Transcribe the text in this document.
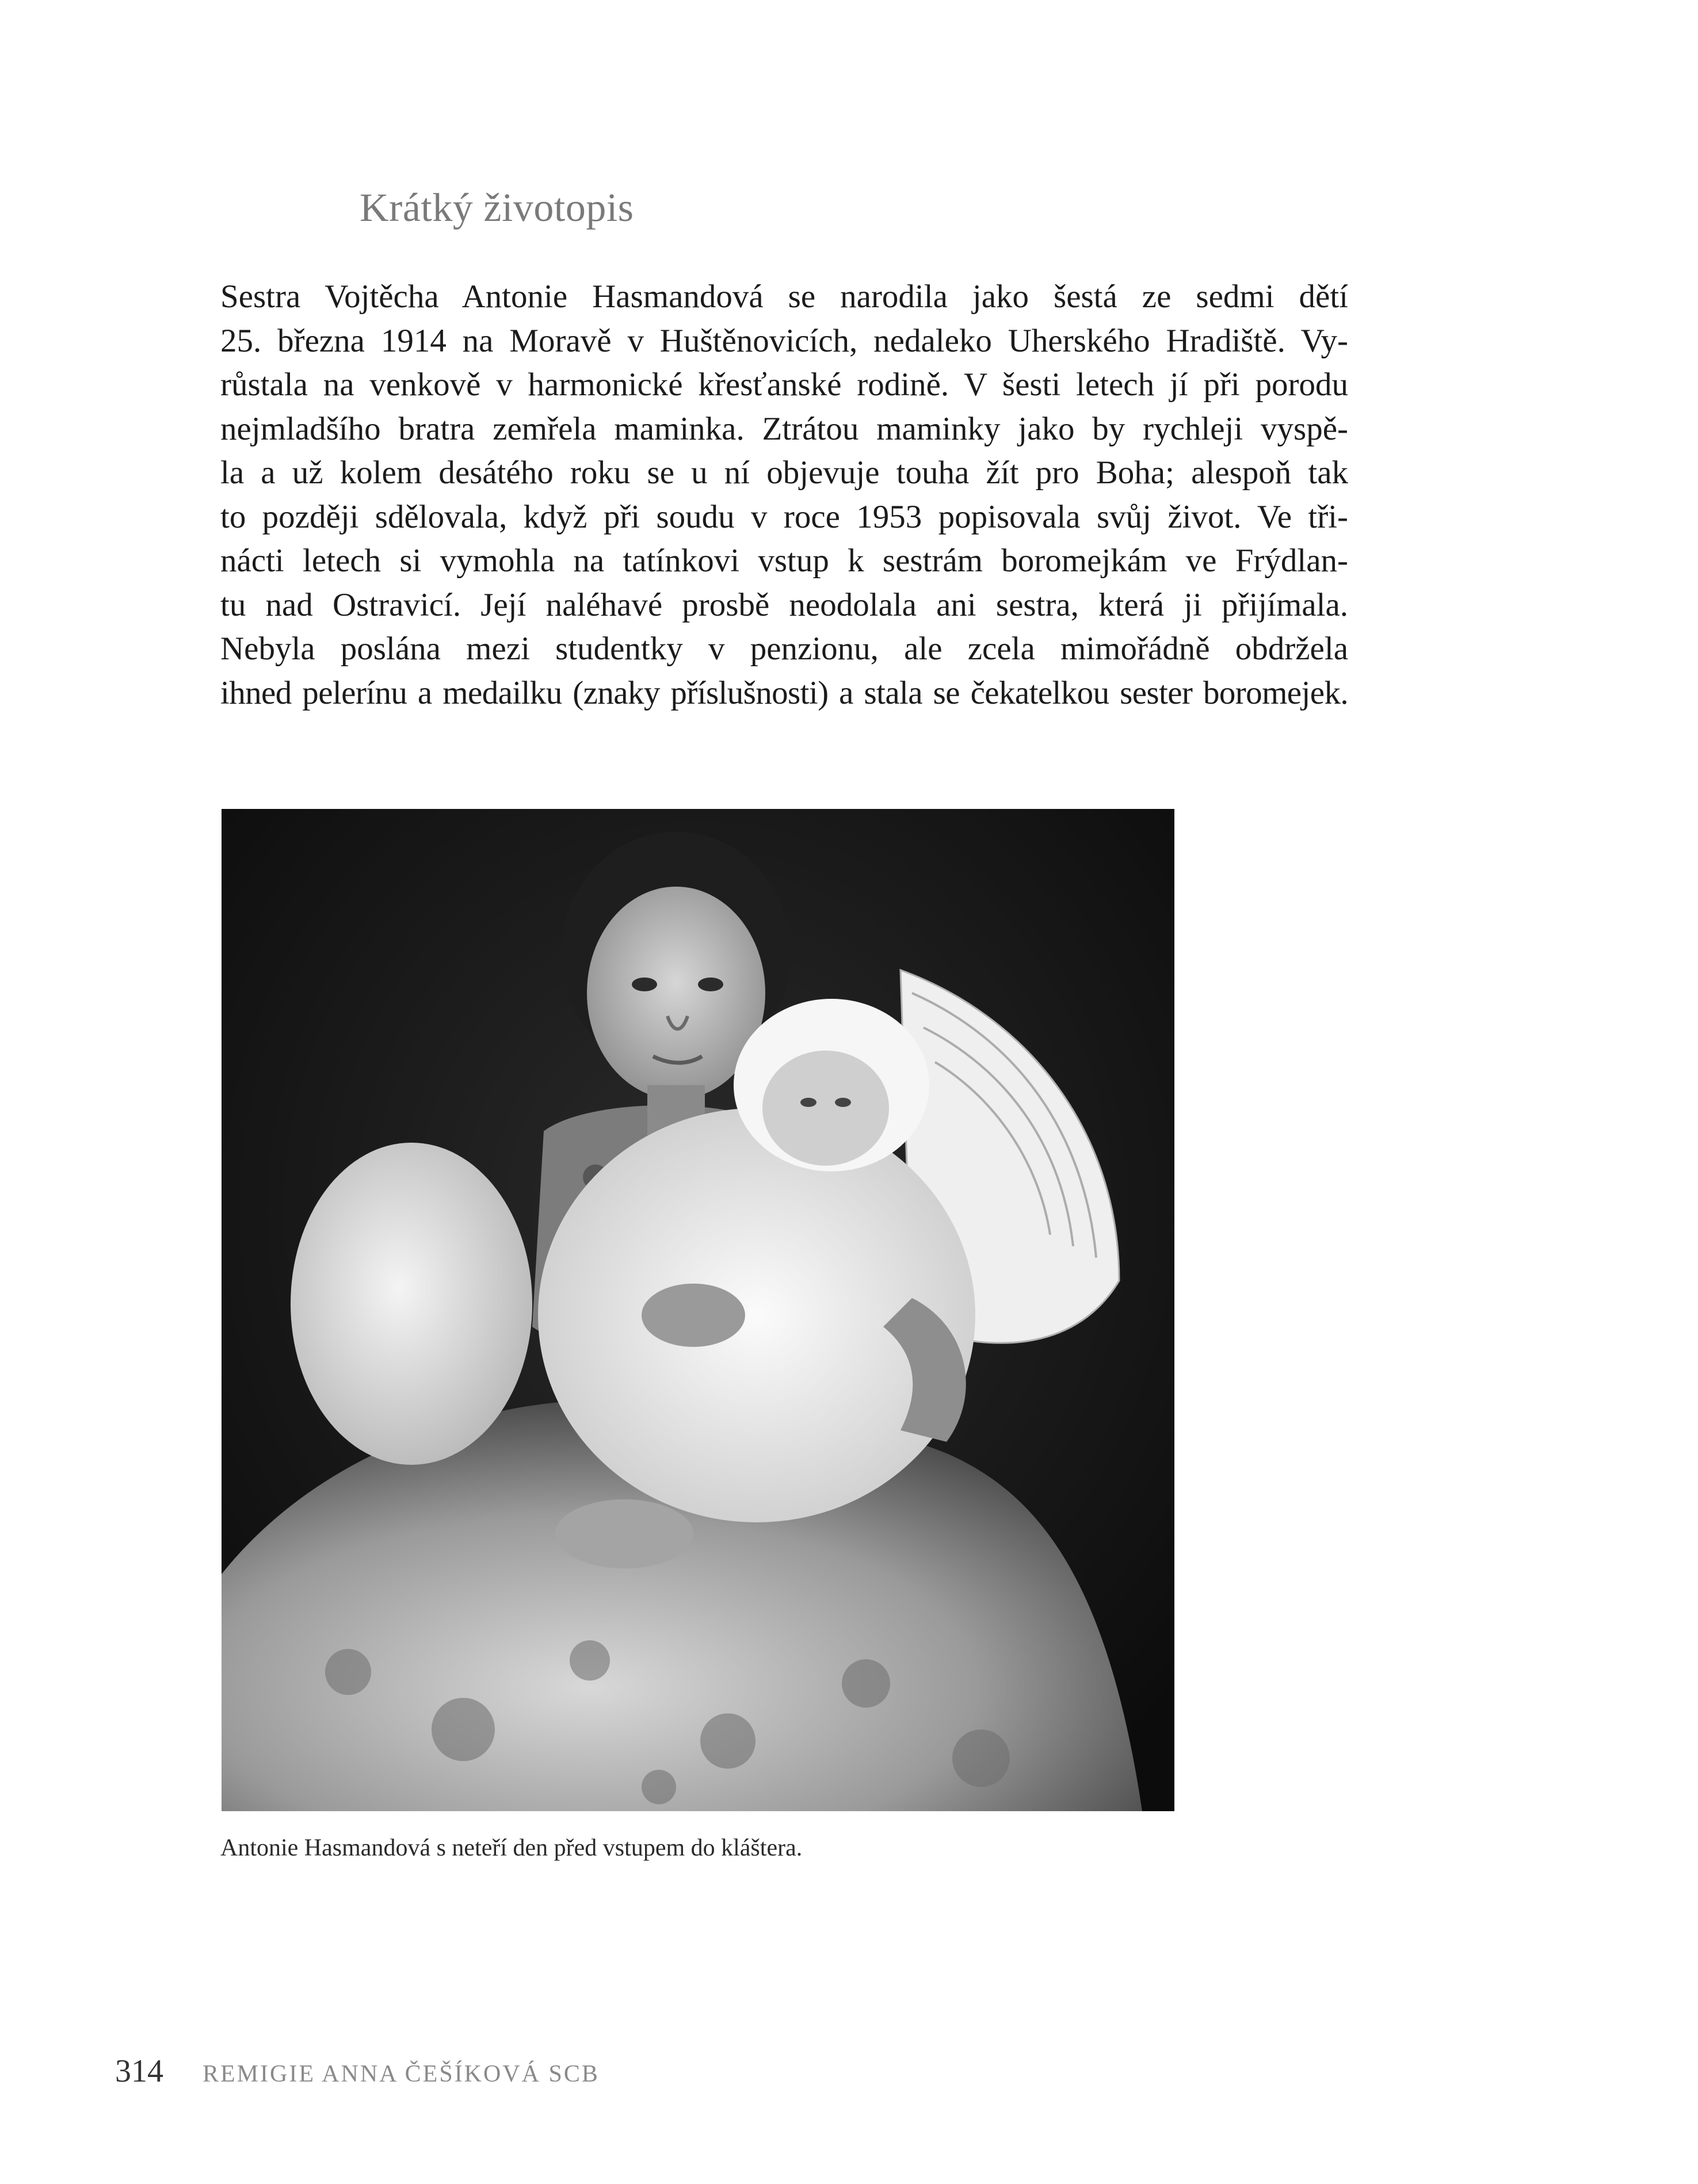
Krátký životopis

Sestra Vojtěcha Antonie Hasmandová se narodila jako šestá ze sedmi dětí
25. března 1914 na Moravě v Huštěnovicích, nedaleko Uherského Hradiště. Vy-
růstala na venkově v harmonické křesťanské rodině. V šesti letech jí při porodu
nejmladšího bratra zemřela maminka. Ztrátou maminky jako by rychleji vyspě-
la a už kolem desátého roku se u ní objevuje touha žít pro Boha; alespoň tak
to později sdělovala, když při soudu v roce 1953 popisovala svůj život. Ve tři-
nácti letech si vymohla na tatínkovi vstup k sestrám boromejkám ve Frýdlan-
tu nad Ostravicí. Její naléhavé prosbě neodolala ani sestra, která ji přijímala.
Nebyla poslána mezi studentky v penzionu, ale zcela mimořádně obdržela
ihned pelerínu a medailku (znaky příslušnosti) a stala se čekatelkou sester boromejek.

Antonie Hasmandová s neteří den před vstupem do kláštera.

314 REMIGIE ANNA ČEŠÍKOVÁ SCB
